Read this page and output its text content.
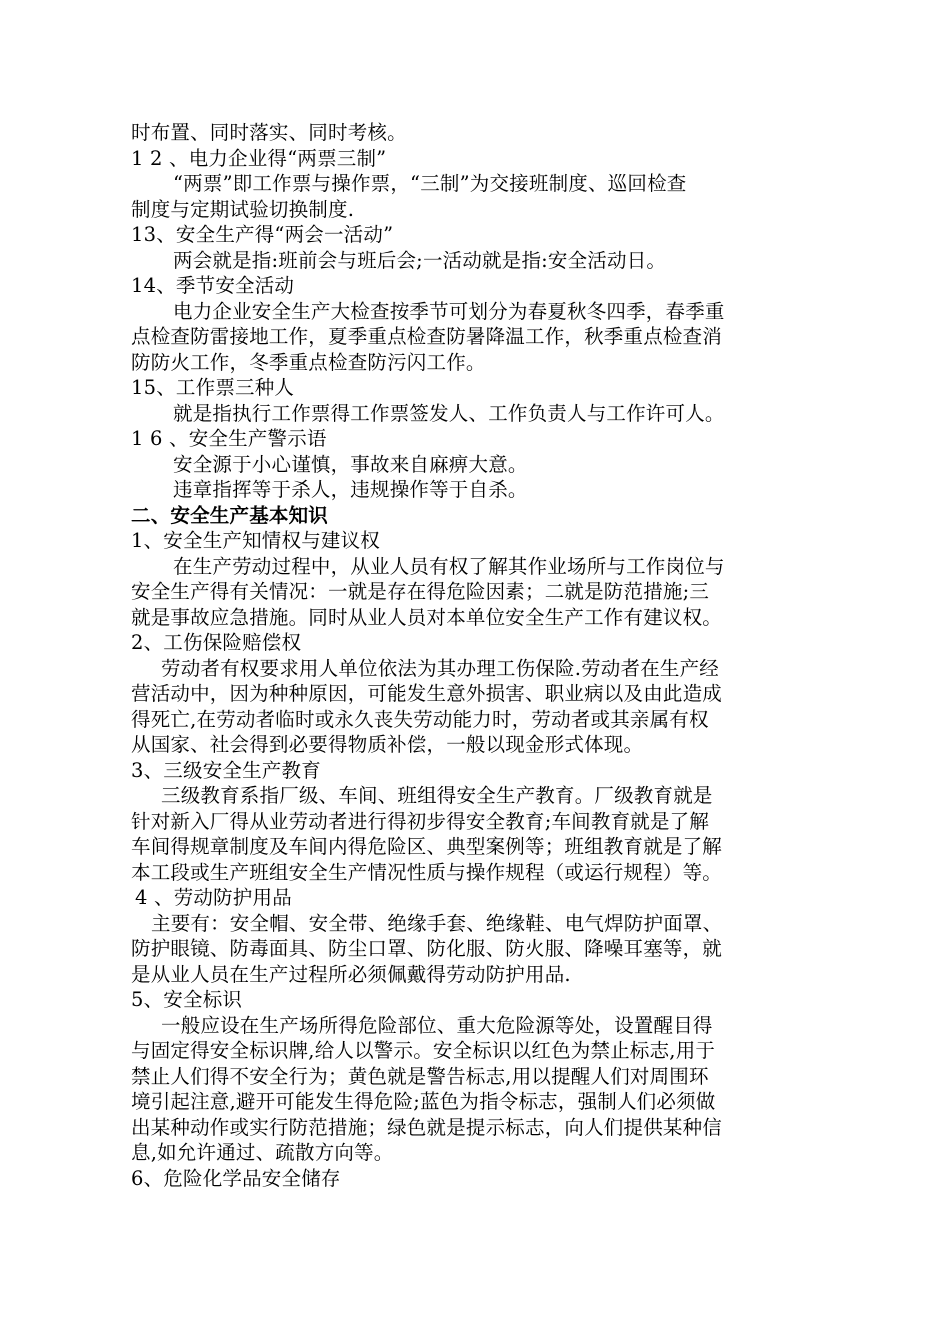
时布置、同时落实、同时考核。
1 2 、电力企业得“两票三制”
“两票”即工作票与操作票，“三制”为交接班制度、巡回检查
制度与定期试验切换制度.
13、安全生产得“两会一活动”
两会就是指:班前会与班后会;一活动就是指:安全活动日。
14、季节安全活动
电力企业安全生产大检查按季节可划分为春夏秋冬四季，春季重
点检查防雷接地工作，夏季重点检查防暑降温工作，秋季重点检查消
防防火工作，冬季重点检查防污闪工作。
15、工作票三种人
就是指执行工作票得工作票签发人、工作负责人与工作许可人。
1 6 、安全生产警示语
安全源于小心谨慎，事故来自麻痹大意。
违章指挥等于杀人，违规操作等于自杀。
二、安全生产基本知识
1、安全生产知情权与建议权
在生产劳动过程中，从业人员有权了解其作业场所与工作岗位与
安全生产得有关情况：一就是存在得危险因素；二就是防范措施;三
就是事故应急措施。同时从业人员对本单位安全生产工作有建议权。
2、工伤保险赔偿权
劳动者有权要求用人单位依法为其办理工伤保险.劳动者在生产经
营活动中，因为种种原因，可能发生意外损害、职业病以及由此造成
得死亡,在劳动者临时或永久丧失劳动能力时，劳动者或其亲属有权
从国家、社会得到必要得物质补偿，一般以现金形式体现。
3、三级安全生产教育
三级教育系指厂级、车间、班组得安全生产教育。厂级教育就是
针对新入厂得从业劳动者进行得初步得安全教育;车间教育就是了解
车间得规章制度及车间内得危险区、典型案例等；班组教育就是了解
本工段或生产班组安全生产情况性质与操作规程（或运行规程）等。
4 、劳动防护用品
主要有：安全帽、安全带、绝缘手套、绝缘鞋、电气焊防护面罩、
防护眼镜、防毒面具、防尘口罩、防化服、防火服、降噪耳塞等，就
是从业人员在生产过程所必须佩戴得劳动防护用品.
5、安全标识
一般应设在生产场所得危险部位、重大危险源等处，设置醒目得
与固定得安全标识牌,给人以警示。安全标识以红色为禁止标志,用于
禁止人们得不安全行为；黄色就是警告标志,用以提醒人们对周围环
境引起注意,避开可能发生得危险;蓝色为指令标志，强制人们必须做
出某种动作或实行防范措施；绿色就是提示标志，向人们提供某种信
息,如允许通过、疏散方向等。
6、危险化学品安全储存
